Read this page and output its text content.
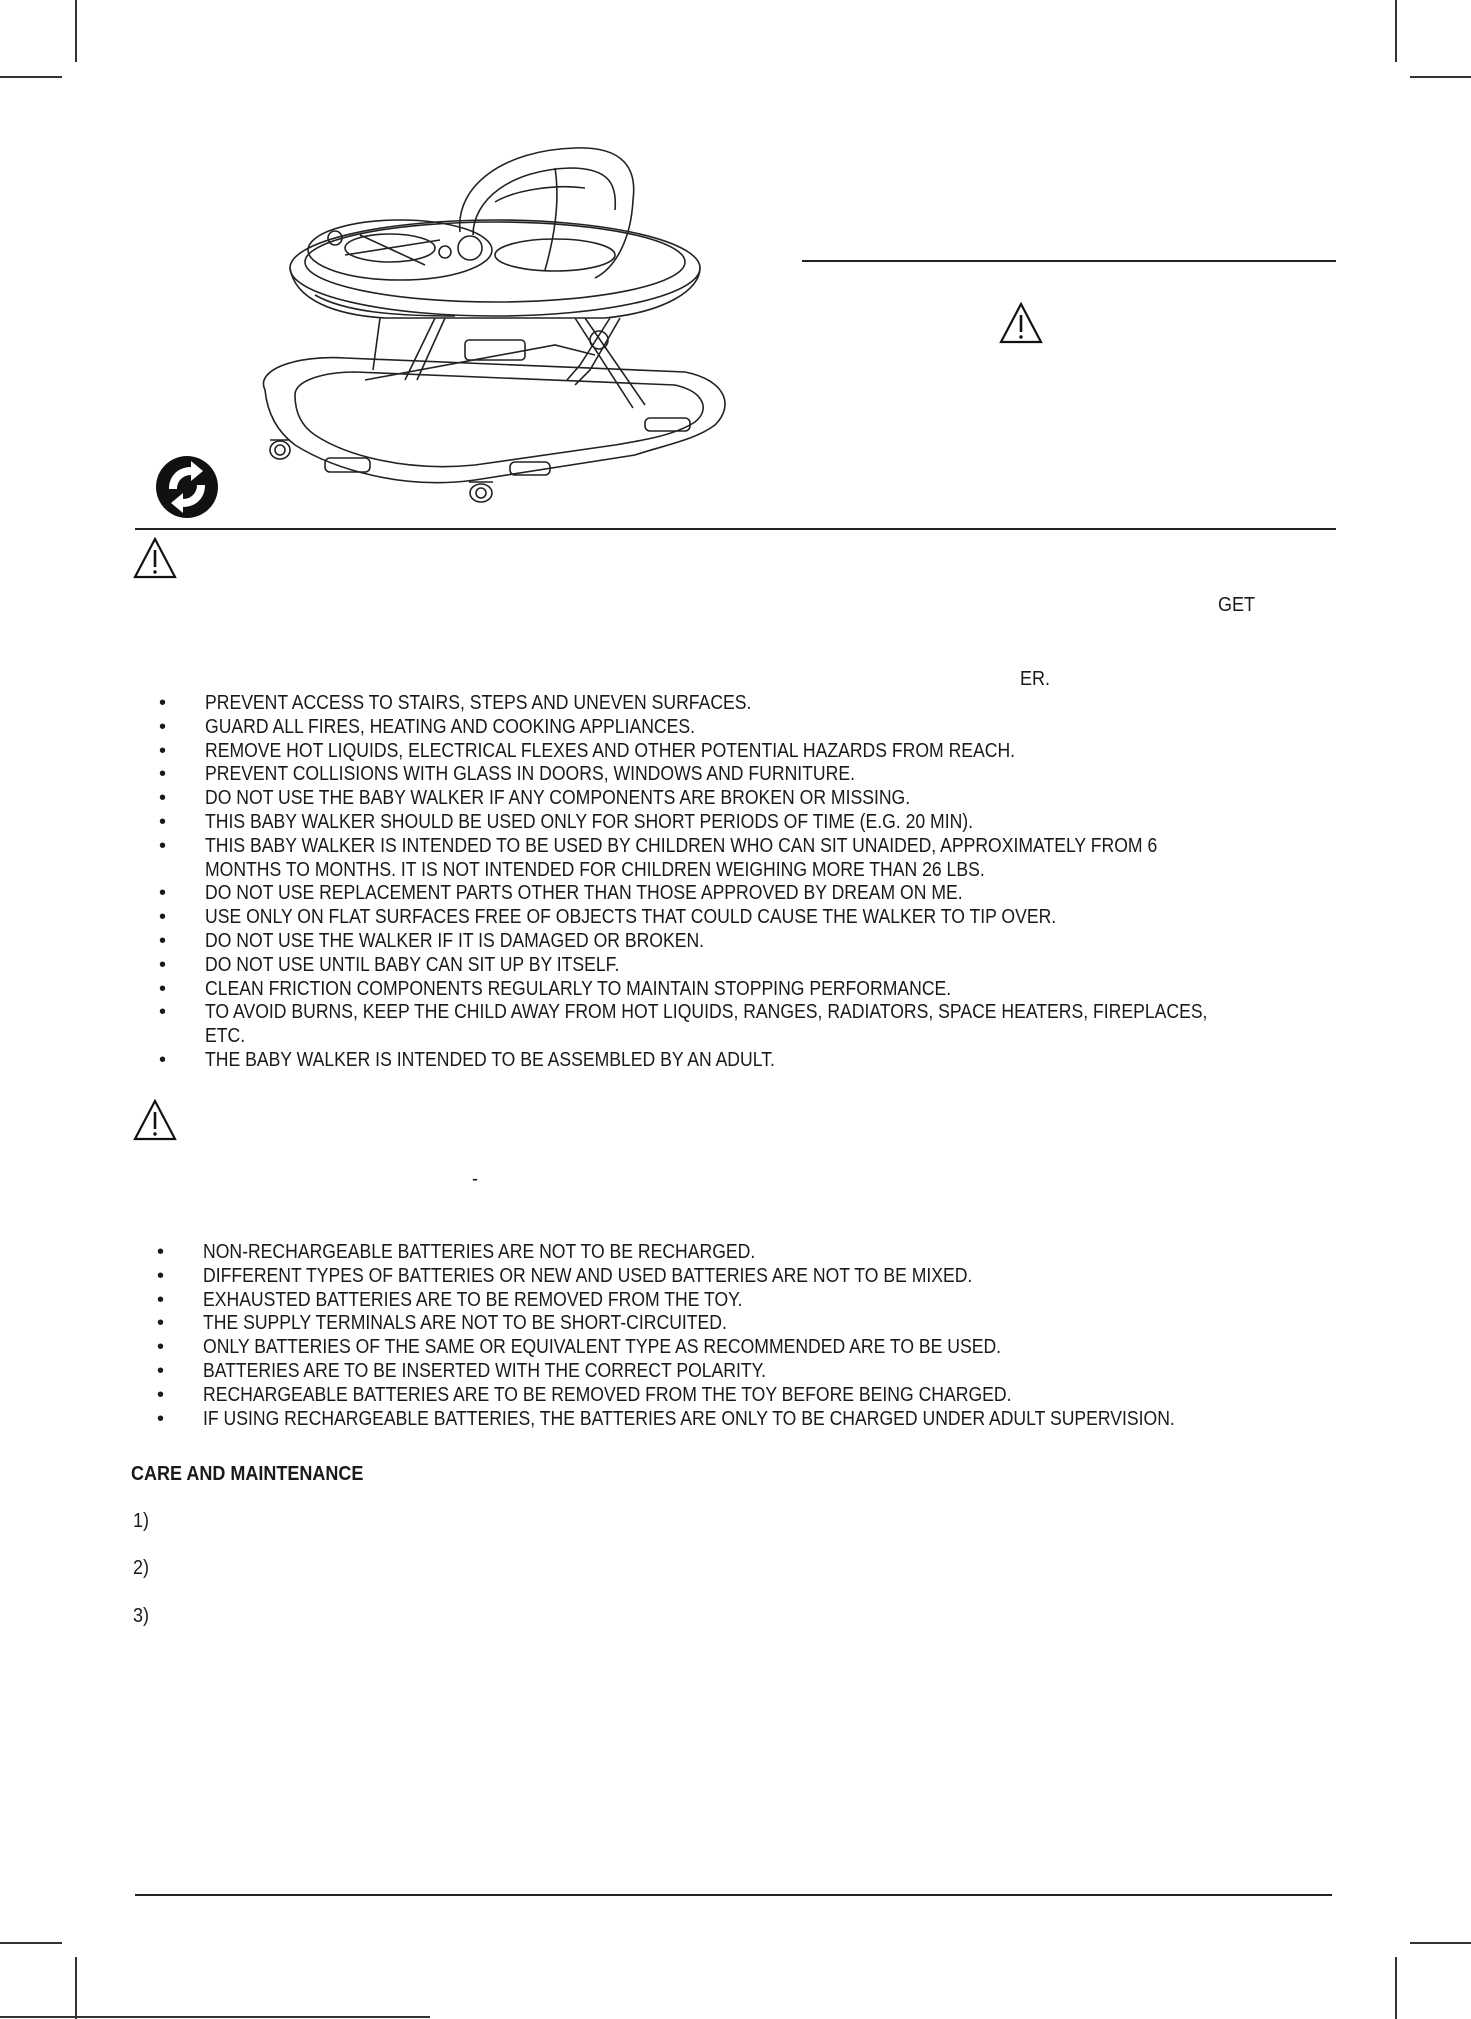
GET
ER.
•	PREVENT ACCESS TO STAIRS, STEPS AND UNEVEN SURFACES.
•	GUARD ALL FIRES, HEATING AND COOKING APPLIANCES.
•	REMOVE HOT LIQUIDS, ELECTRICAL FLEXES AND OTHER POTENTIAL HAZARDS FROM REACH.
•	PREVENT COLLISIONS WITH GLASS IN DOORS, WINDOWS AND FURNITURE.
•	DO NOT USE THE BABY WALKER IF ANY COMPONENTS ARE BROKEN OR MISSING.
•	THIS BABY WALKER SHOULD BE USED ONLY FOR SHORT PERIODS OF TIME (E.G. 20 MIN).
•	THIS BABY WALKER IS INTENDED TO BE USED BY CHILDREN WHO CAN SIT UNAIDED, APPROXIMATELY FROM 6
MONTHS TO MONTHS. IT IS NOT INTENDED FOR CHILDREN WEIGHING MORE THAN 26 LBS.
•	DO NOT USE REPLACEMENT PARTS OTHER THAN THOSE APPROVED BY DREAM ON ME.
•	USE ONLY ON FLAT SURFACES FREE OF OBJECTS THAT COULD CAUSE THE WALKER TO TIP OVER.
•	DO NOT USE THE WALKER IF IT IS DAMAGED OR BROKEN.
•	DO NOT USE UNTIL BABY CAN SIT UP BY ITSELF.
•	CLEAN FRICTION COMPONENTS REGULARLY TO MAINTAIN STOPPING PERFORMANCE.
•	TO AVOID BURNS, KEEP THE CHILD AWAY FROM HOT LIQUIDS, RANGES, RADIATORS, SPACE HEATERS, FIREPLACES,
ETC.
•	THE BABY WALKER IS INTENDED TO BE ASSEMBLED BY AN ADULT.
-
•	NON-RECHARGEABLE BATTERIES ARE NOT TO BE RECHARGED.
•	DIFFERENT TYPES OF BATTERIES OR NEW AND USED BATTERIES ARE NOT TO BE MIXED.
•	EXHAUSTED BATTERIES ARE TO BE REMOVED FROM THE TOY.
•	THE SUPPLY TERMINALS ARE NOT TO BE SHORT-CIRCUITED.
•	ONLY BATTERIES OF THE SAME OR EQUIVALENT TYPE AS RECOMMENDED ARE TO BE USED.
•	BATTERIES ARE TO BE INSERTED WITH THE CORRECT POLARITY.
•	RECHARGEABLE BATTERIES ARE TO BE REMOVED FROM THE TOY BEFORE BEING CHARGED.
•	IF USING RECHARGEABLE BATTERIES, THE BATTERIES ARE ONLY TO BE CHARGED UNDER ADULT SUPERVISION.
CARE AND MAINTENANCE
1)
2)
3)
